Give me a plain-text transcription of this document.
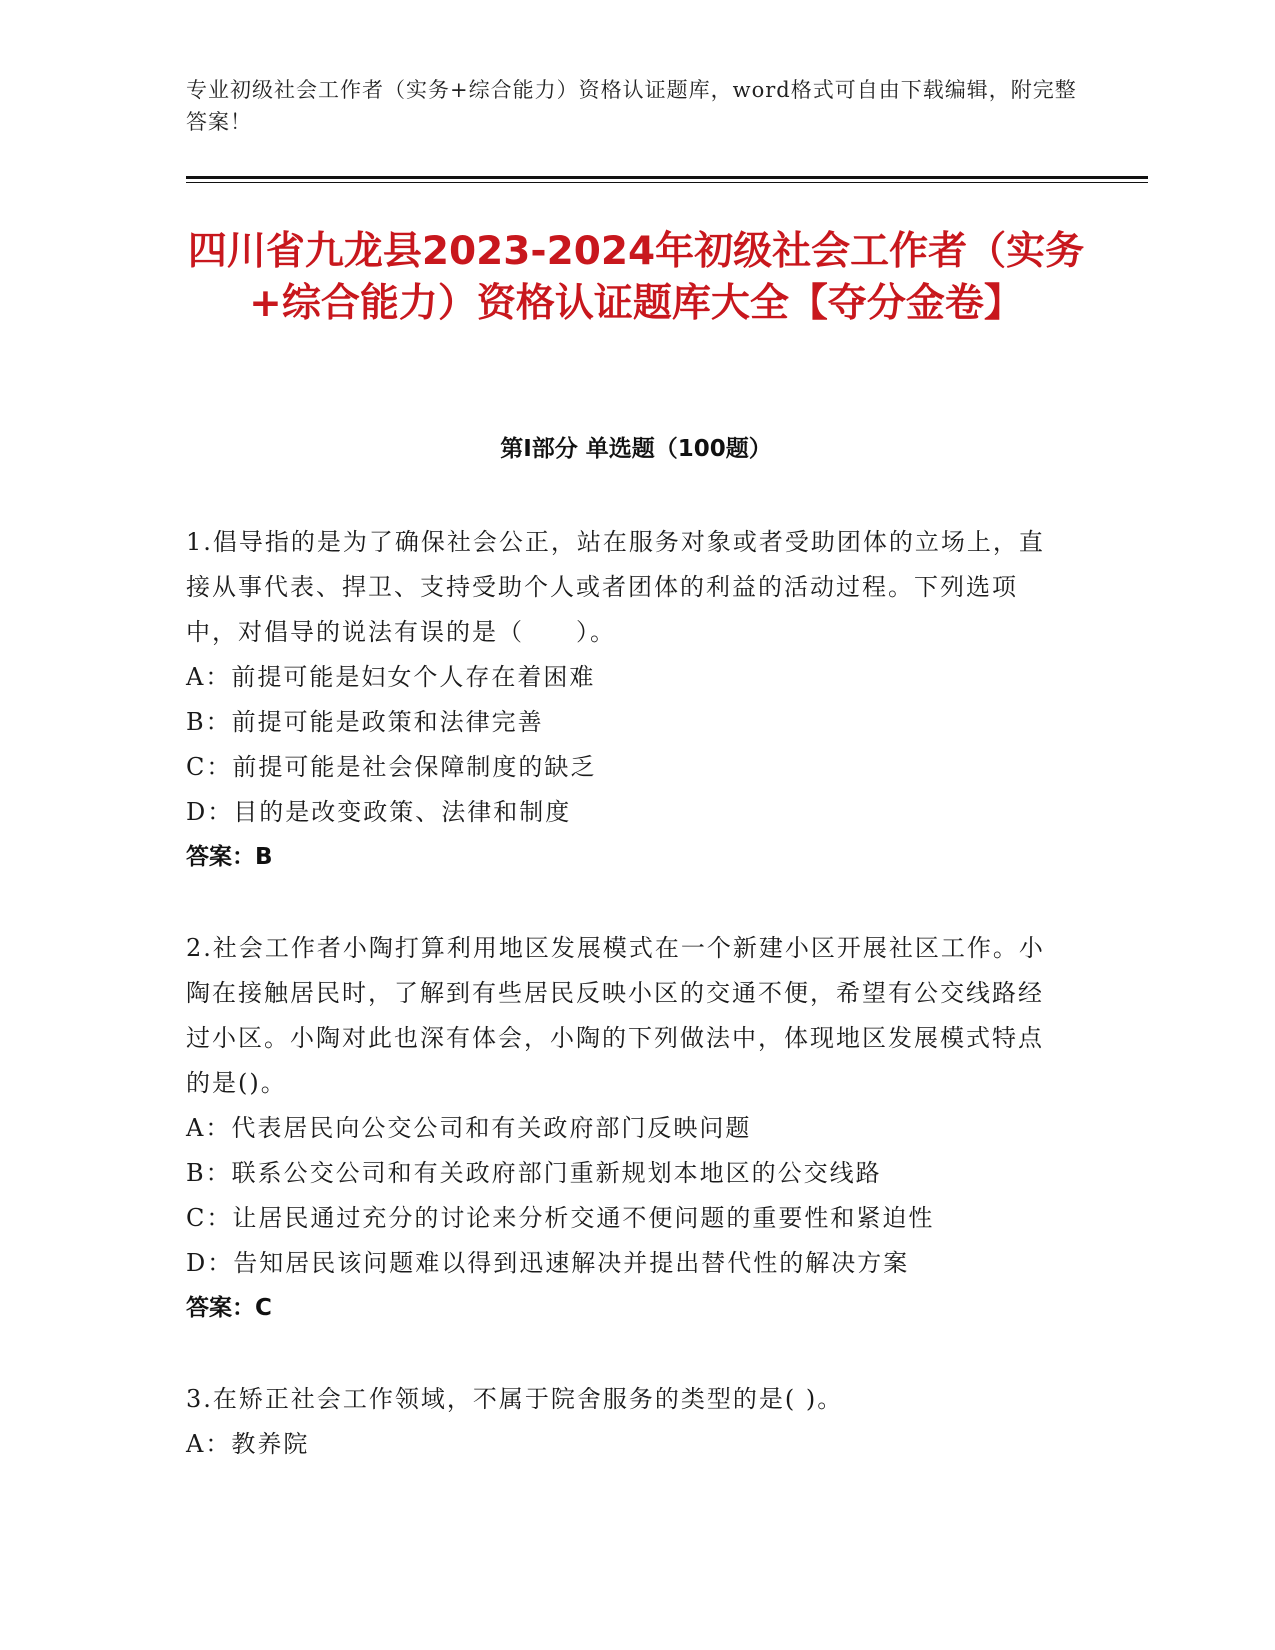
专业初级社会工作者（实务+综合能力）资格认证题库，word格式可自由下载编辑，附完整答案！
四川省九龙县2023-2024年初级社会工作者（实务+综合能力）资格认证题库大全【夺分金卷】
第Ⅰ部分 单选题（100题）

1.倡导指的是为了确保社会公正，站在服务对象或者受助团体的立场上，直接从事代表、捍卫、支持受助个人或者团体的利益的活动过程。下列选项中，对倡导的说法有误的是（　　）。

A：前提可能是妇女个人存在着困难

B：前提可能是政策和法律完善

C：前提可能是社会保障制度的缺乏

D：目的是改变政策、法律和制度

答案：B

2.社会工作者小陶打算利用地区发展模式在一个新建小区开展社区工作。小陶在接触居民时，了解到有些居民反映小区的交通不便，希望有公交线路经过小区。小陶对此也深有体会，小陶的下列做法中，体现地区发展模式特点的是()。

A：代表居民向公交公司和有关政府部门反映问题

B：联系公交公司和有关政府部门重新规划本地区的公交线路

C：让居民通过充分的讨论来分析交通不便问题的重要性和紧迫性

D：告知居民该问题难以得到迅速解决并提出替代性的解决方案

答案：C

3.在矫正社会工作领域，不属于院舍服务的类型的是( )。

A：教养院
